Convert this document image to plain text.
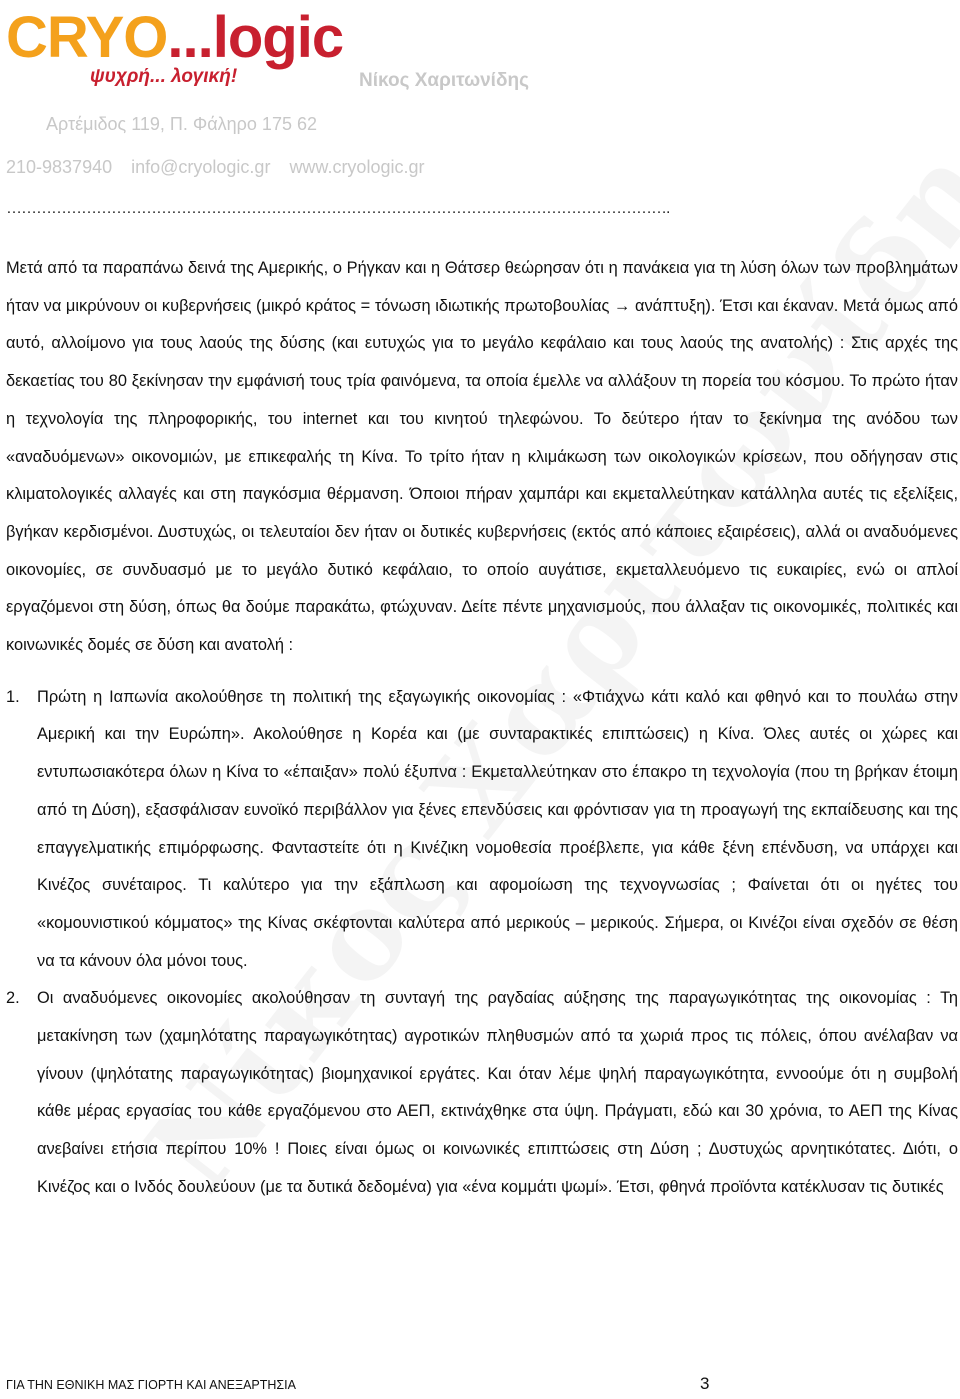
CRYO...logic
ψυχρή... λογική!	Νίκος Χαριτωνίδης
Αρτέμιδος 119, Π. Φάληρο 175 62
210-9837940 info@cryologic.gr www.cryologic.gr
…………………………………………………………………………………………………………………….

Μετά από τα παραπάνω δεινά της Αμερικής, ο Ρήγκαν και η Θάτσερ θεώρησαν ότι η πανάκεια για τη λύση όλων των προβλημάτων ήταν να μικρύνουν οι κυβερνήσεις (μικρό κράτος = τόνωση ιδιωτικής πρωτοβουλίας → ανάπτυξη). Έτσι και έκαναν. Μετά όμως από αυτό, αλλοίμονο για τους λαούς της δύσης (και ευτυχώς για το μεγάλο κεφάλαιο και τους λαούς της ανατολής) : Στις αρχές της δεκαετίας του 80 ξεκίνησαν την εμφάνισή τους τρία φαινόμενα, τα οποία έμελλε να αλλάξουν τη πορεία του κόσμου. Το πρώτο ήταν η τεχνολογία της πληροφορικής, του internet και του κινητού τηλεφώνου. Το δεύτερο ήταν το ξεκίνημα της ανόδου των «αναδυόμενων» οικονομιών, με επικεφαλής τη Κίνα. Το τρίτο ήταν η κλιμάκωση των οικολογικών κρίσεων, που οδήγησαν στις κλιματολογικές αλλαγές και στη παγκόσμια θέρμανση. Όποιοι πήραν χαμπάρι και εκμεταλλεύτηκαν κατάλληλα αυτές τις εξελίξεις, βγήκαν κερδισμένοι. Δυστυχώς, οι τελευταίοι δεν ήταν οι δυτικές κυβερνήσεις (εκτός από κάποιες εξαιρέσεις), αλλά οι αναδυόμενες οικονομίες, σε συνδυασμό με το μεγάλο δυτικό κεφάλαιο, το οποίο αυγάτισε, εκμεταλλευόμενο τις ευκαιρίες, ενώ οι απλοί εργαζόμενοι στη δύση, όπως θα δούμε παρακάτω, φτώχυναν. Δείτε πέντε μηχανισμούς, που άλλαξαν τις οικονομικές, πολιτικές και κοινωνικές δομές σε δύση και ανατολή :

1. Πρώτη η Ιαπωνία ακολούθησε τη πολιτική της εξαγωγικής οικονομίας : «Φτιάχνω κάτι καλό και φθηνό και το πουλάω στην Αμερική και την Ευρώπη». Ακολούθησε η Κορέα και (με συνταρακτικές επιπτώσεις) η Κίνα. Όλες αυτές οι χώρες και εντυπωσιακότερα όλων η Κίνα το «έπαιξαν» πολύ έξυπνα : Εκμεταλλεύτηκαν στο έπακρο τη τεχνολογία (που τη βρήκαν έτοιμη από τη Δύση), εξασφάλισαν ευνοϊκό περιβάλλον για ξένες επενδύσεις και φρόντισαν για τη προαγωγή της εκπαίδευσης και της επαγγελματικής επιμόρφωσης. Φανταστείτε ότι η Κινέζικη νομοθεσία προέβλεπε, για κάθε ξένη επένδυση, να υπάρχει και Κινέζος συνέταιρος. Τι καλύτερο για την εξάπλωση και αφομοίωση της τεχνογνωσίας ; Φαίνεται ότι οι ηγέτες του «κομουνιστικού κόμματος» της Κίνας σκέφτονται καλύτερα από μερικούς – μερικούς. Σήμερα, οι Κινέζοι είναι σχεδόν σε θέση να τα κάνουν όλα μόνοι τους.
2. Οι αναδυόμενες οικονομίες ακολούθησαν τη συνταγή της ραγδαίας αύξησης της παραγωγικότητας της οικονομίας : Τη μετακίνηση των (χαμηλότατης παραγωγικότητας) αγροτικών πληθυσμών από τα χωριά προς τις πόλεις, όπου ανέλαβαν να γίνουν (ψηλότατης παραγωγικότητας) βιομηχανικοί εργάτες. Και όταν λέμε ψηλή παραγωγικότητα, εννοούμε ότι η συμβολή κάθε μέρας εργασίας του κάθε εργαζόμενου στο ΑΕΠ, εκτινάχθηκε στα ύψη. Πράγματι, εδώ και 30 χρόνια, το ΑΕΠ της Κίνας ανεβαίνει ετήσια περίπου 10% ! Ποιες είναι όμως οι κοινωνικές επιπτώσεις στη Δύση ; Δυστυχώς αρνητικότατες. Διότι, ο Κινέζος και ο Ινδός δουλεύουν (με τα δυτικά δεδομένα) για «ένα κομμάτι ψωμί». Έτσι, φθηνά προϊόντα κατέκλυσαν τις δυτικές
ΓΙΑ ΤΗΝ ΕΘΝΙΚΗ ΜΑΣ ΓΙΟΡΤΗ ΚΑΙ ΑΝΕΞΑΡΤΗΣΙΑ	3
